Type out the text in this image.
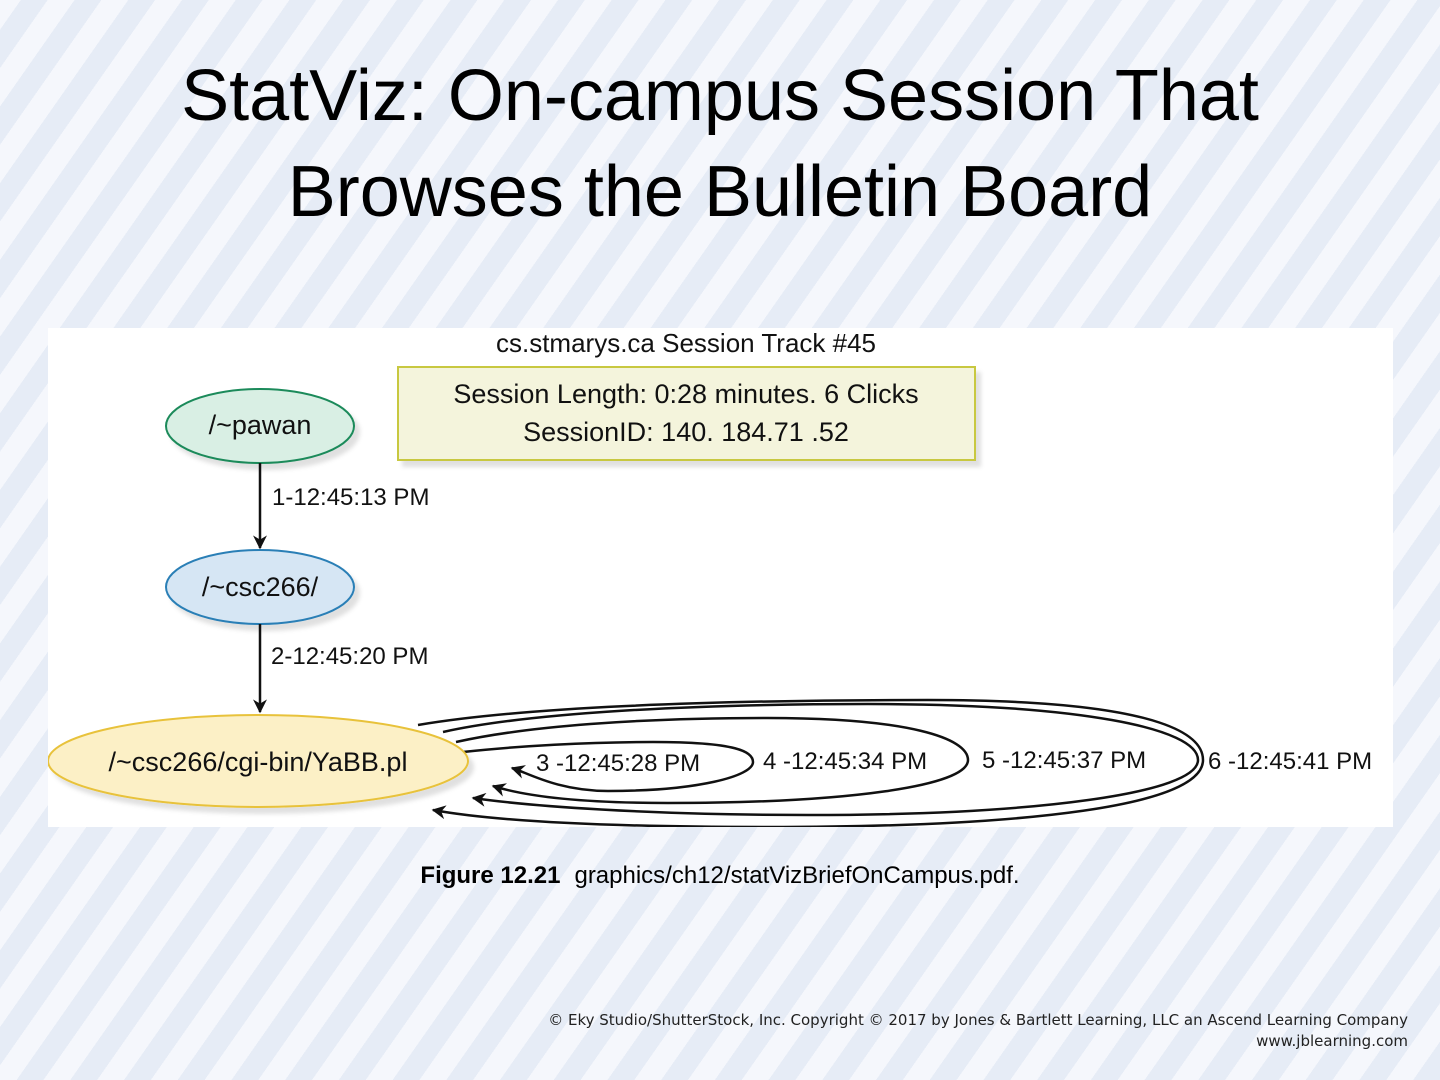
StatViz: On-campus Session That
Browses the Bulletin Board
cs.stmarys.ca Session Track #45
Session Length: 0:28 minutes. 6 Clicks
SessionID: 140. 184.71 .52
/~pawan
/~csc266/
/~csc266/cgi-bin/YaBB.pl
1-12:45:13 PM
2-12:45:20 PM
3 -12:45:28 PM	4 -12:45:34 PM 5 -12:45:37 PM	6 -12:45:41 PM
Figure 12.21 graphics/ch12/statVizBriefOnCampus.pdf.
© Eky Studio/ShutterStock, Inc. Copyright © 2017 by Jones & Bartlett Learning, LLC an Ascend Learning Company
www.jblearning.com
